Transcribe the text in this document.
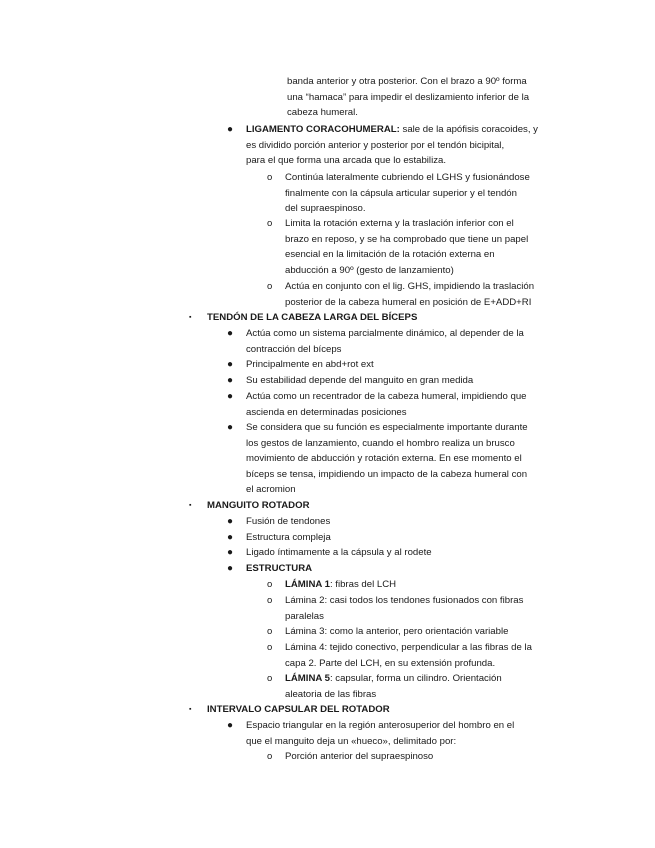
banda anterior y otra posterior. Con el brazo a 90º forma

una “hamaca” para impedir el deslizamiento inferior de la

cabeza humeral.

● LIGAMENTO CORACOHUMERAL: sale de la apófisis coracoides, y

es dividido porción anterior y posterior por el tendón bicipital,

para el que forma una arcada que lo estabiliza.

o Continúa lateralmente cubriendo el LGHS y fusionándose

finalmente con la cápsula articular superior y el tendón

del supraespinoso.

o Limita la rotación externa y la traslación inferior con el

brazo en reposo, y se ha comprobado que tiene un papel

esencial en la limitación de la rotación externa en

abducción a 90º (gesto de lanzamiento)

o Actúa en conjunto con el lig. GHS, impidiendo la traslación

posterior de la cabeza humeral en posición de E+ADD+RI

▪ TENDÓN DE LA CABEZA LARGA DEL BÍCEPS

● Actúa como un sistema parcialmente dinámico, al depender de la

contracción del bíceps

● Principalmente en abd+rot ext

● Su estabilidad depende del manguito en gran medida

● Actúa como un recentrador de la cabeza humeral, impidiendo que

ascienda en determinadas posiciones

● Se considera que su función es especialmente importante durante

los gestos de lanzamiento, cuando el hombro realiza un brusco

movimiento de abducción y rotación externa. En ese momento el

bíceps se tensa, impidiendo un impacto de la cabeza humeral con

el acromion

▪ MANGUITO ROTADOR

● Fusión de tendones

● Estructura compleja

● Ligado íntimamente a la cápsula y al rodete

● ESTRUCTURA

o LÁMINA 1: fibras del LCH

o Lámina 2: casi todos los tendones fusionados con fibras

paralelas

o Lámina 3: como la anterior, pero orientación variable

o Lámina 4: tejido conectivo, perpendicular a las fibras de la

capa 2. Parte del LCH, en su extensión profunda.

o LÁMINA 5: capsular, forma un cilindro. Orientación

aleatoria de las fibras

▪ INTERVALO CAPSULAR DEL ROTADOR

● Espacio triangular en la región anterosuperior del hombro en el

que el manguito deja un «hueco», delimitado por:

o Porción anterior del supraespinoso
